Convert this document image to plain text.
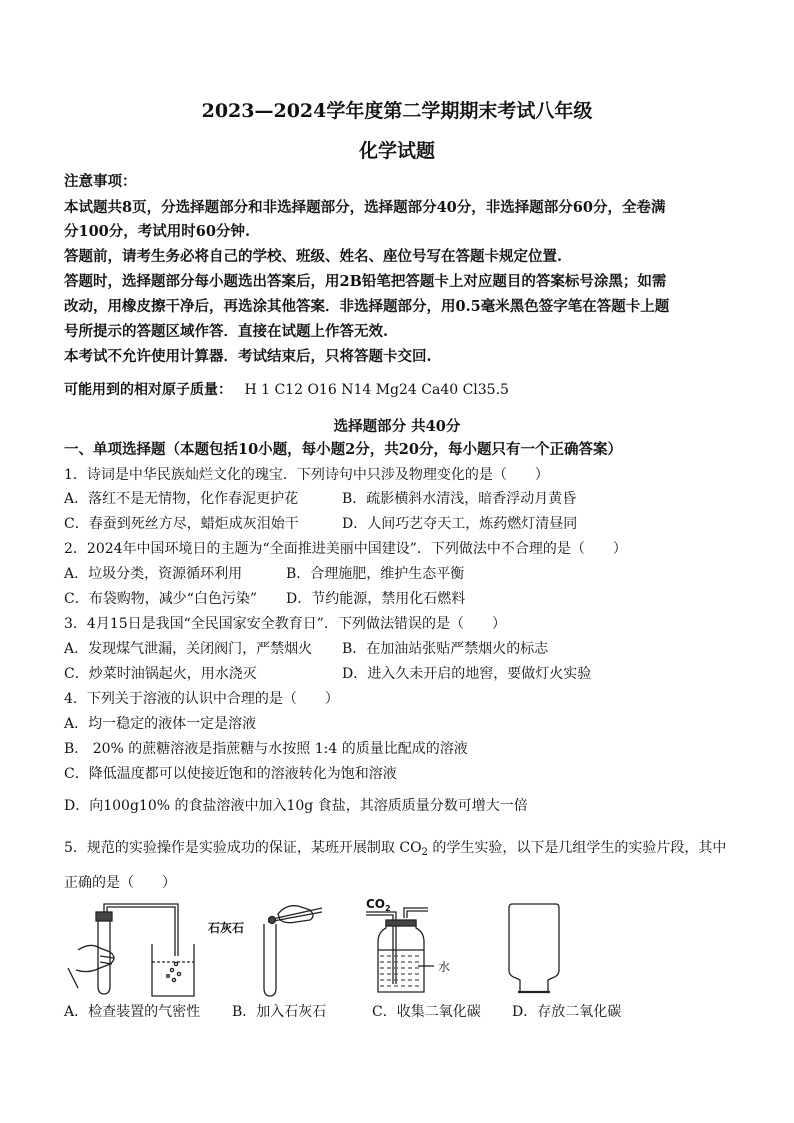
2023—2024学年度第二学期期末考试八年级
化学试题
注意事项：
本试题共8页，分选择题部分和非选择题部分，选择题部分40分，非选择题部分60分，全卷满
分100分，考试用时60分钟.
答题前，请考生务必将自己的学校、班级、姓名、座位号写在答题卡规定位置.
答题时，选择题部分每小题选出答案后，用2B铅笔把答题卡上对应题目的答案标号涂黑；如需
改动，用橡皮擦干净后，再选涂其他答案．非选择题部分，用0.5毫米黑色签字笔在答题卡上题
号所提示的答题区域作答．直接在试题上作答无效.
本考试不允许使用计算器．考试结束后，只将答题卡交回.
可能用到的相对原子质量： H 1 C12 O16 N14 Mg24 Ca40 Cl35.5
选择题部分 共40分
一、单项选择题（本题包括10小题，每小题2分，共20分，每小题只有一个正确答案）
1．诗词是中华民族灿烂文化的瑰宝．下列诗句中只涉及物理变化的是（　　）
A．落红不是无情物，化作春泥更护花	B．疏影横斜水清浅，暗香浮动月黄昏
C．春蚕到死丝方尽，蜡炬成灰泪始干	D．人间巧艺夺天工，炼药燃灯清昼同
2．2024年中国环境日的主题为“全面推进美丽中国建设”．下列做法中不合理的是（　　）
A．垃圾分类，资源循环利用	B．合理施肥，维护生态平衡
C．布袋购物，减少“白色污染” D．节约能源，禁用化石燃料
3．4月15日是我国“全民国家安全教育日”．下列做法错误的是（　　）
A．发现煤气泄漏，关闭阀门，严禁烟火 B．在加油站张贴严禁烟火的标志
C．炒菜时油锅起火，用水浇灭	D．进入久未开启的地窖，要做灯火实验
4．下列关于溶液的认识中合理的是（　　）
A．均一稳定的液体一定是溶液
B． 20% 的蔗糖溶液是指蔗糖与水按照 1:4 的质量比配成的溶液
C．降低温度都可以使接近饱和的溶液转化为饱和溶液
D．向100g10% 的食盐溶液中加入10g 食盐，其溶质质量分数可增大一倍
5．规范的实验操作是实验成功的保证，某班开展制取 $CO_2$ 的学生实验，以下是几组学生的实验片段，其中
正确的是（　　）
石灰石
$CO_2$
水
A．检查装置的气密性 B．加入石灰石	C．收集二氧化碳 D．存放二氧化碳
